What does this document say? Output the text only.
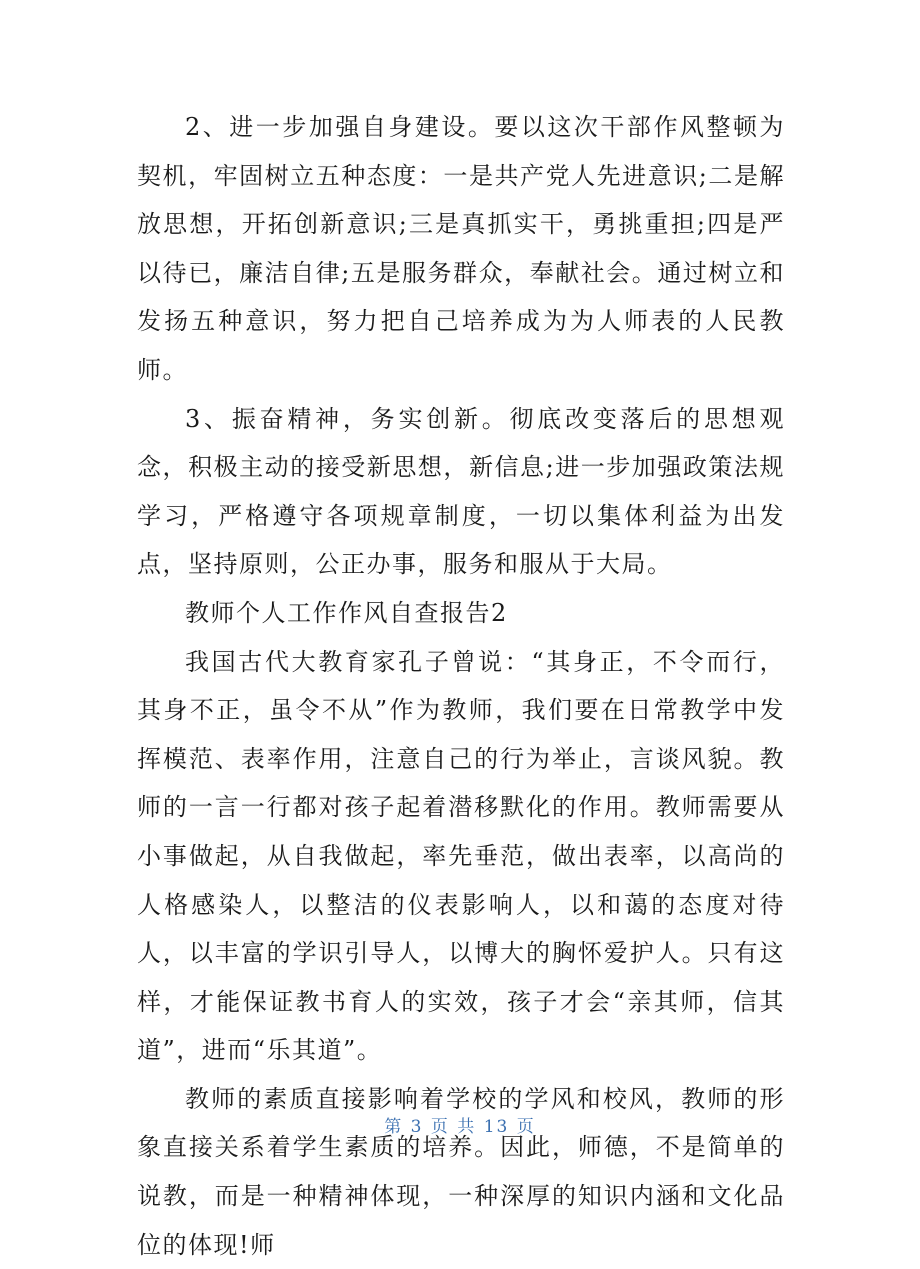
2、进一步加强自身建设。要以这次干部作风整顿为契机，牢固树立五种态度：一是共产党人先进意识;二是解放思想，开拓创新意识;三是真抓实干，勇挑重担;四是严以待已，廉洁自律;五是服务群众，奉献社会。通过树立和发扬五种意识，努力把自己培养成为为人师表的人民教师。

3、振奋精神，务实创新。彻底改变落后的思想观念，积极主动的接受新思想，新信息;进一步加强政策法规学习，严格遵守各项规章制度，一切以集体利益为出发点，坚持原则，公正办事，服务和服从于大局。

教师个人工作作风自查报告2

我国古代大教育家孔子曾说：“其身正，不令而行，其身不正，虽令不从”作为教师，我们要在日常教学中发挥模范、表率作用，注意自己的行为举止，言谈风貌。教师的一言一行都对孩子起着潜移默化的作用。教师需要从小事做起，从自我做起，率先垂范，做出表率，以高尚的人格感染人，以整洁的仪表影响人，以和蔼的态度对待人，以丰富的学识引导人，以博大的胸怀爱护人。只有这样，才能保证教书育人的实效，孩子才会“亲其师，信其道”，进而“乐其道”。

教师的素质直接影响着学校的学风和校风，教师的形象直接关系着学生素质的培养。因此，师德，不是简单的说教，而是一种精神体现，一种深厚的知识内涵和文化品位的体现!师

第 3 页 共 13 页
